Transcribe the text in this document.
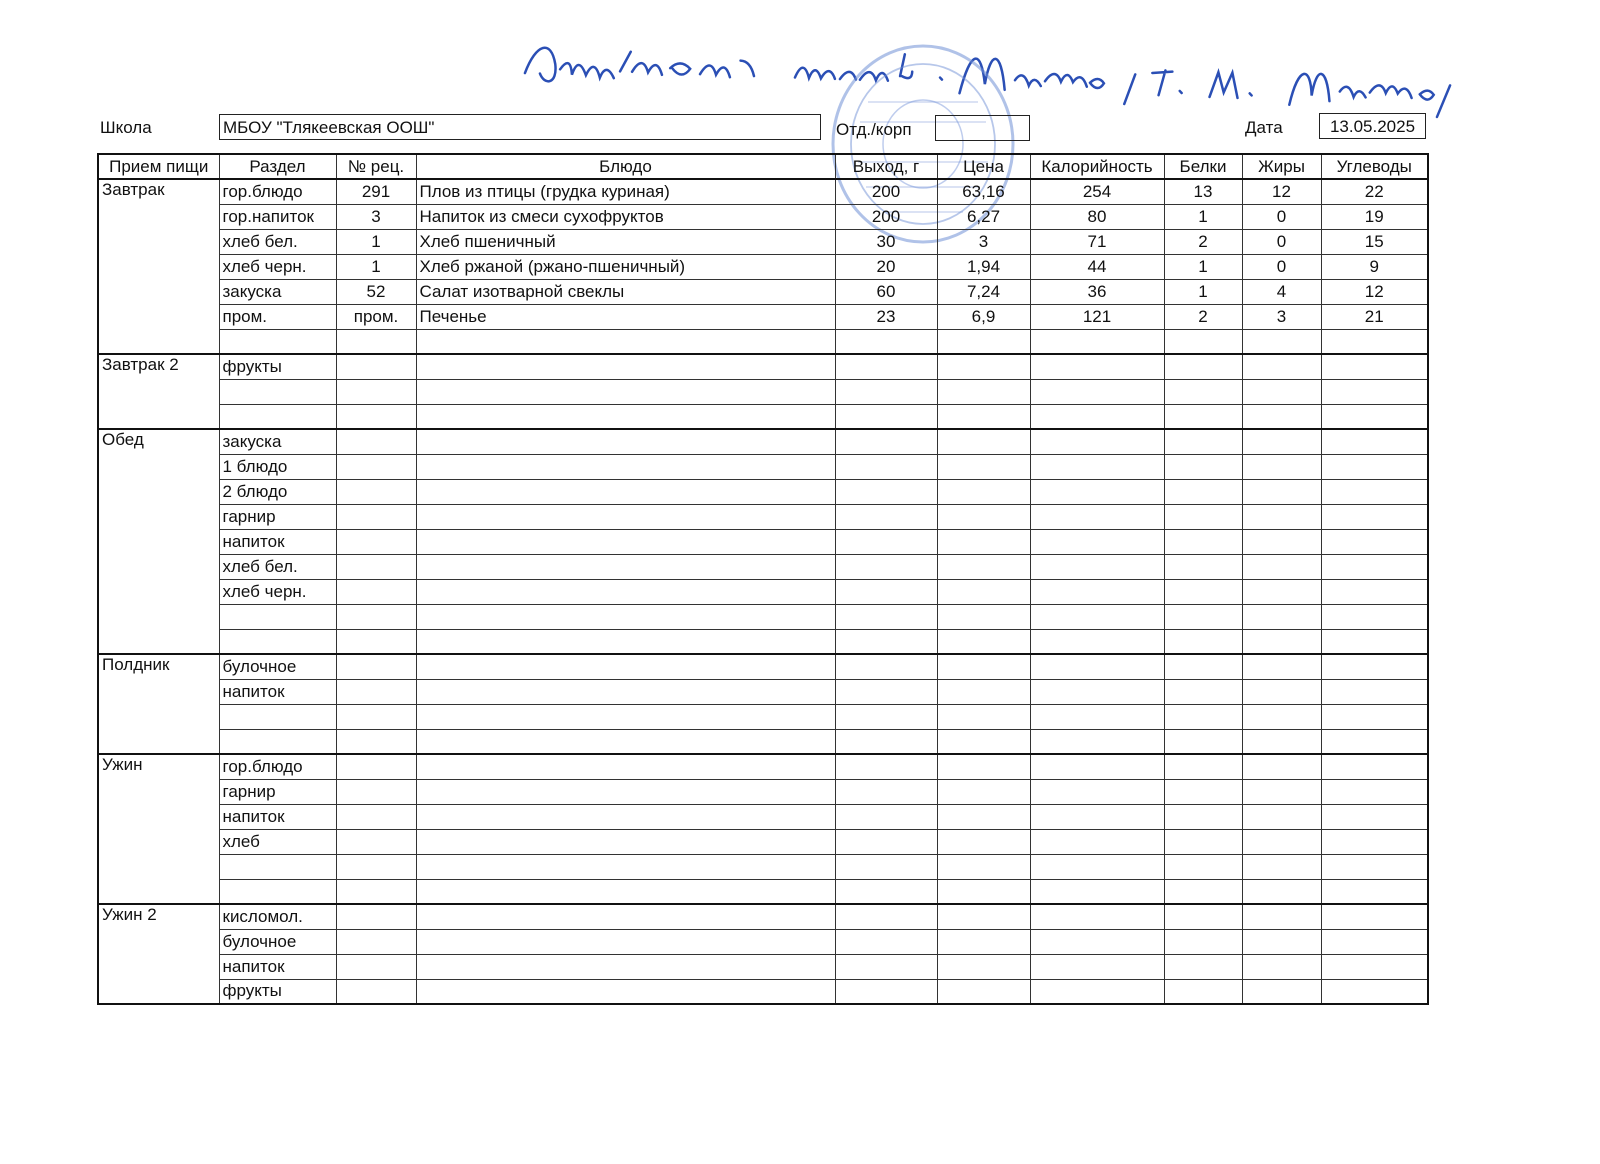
Школа	МБОУ "Тлякеевская ООШ"	Отд./корп	Дата	13.05.2025
Прием пищи	Раздел	№ рец.	Блюдо	Выход, г	Цена	Калорийность	Белки	Жиры	Углеводы
Завтрак	гор.блюдо	291	Плов из птицы (грудка куриная)	200	63,16	254	13	12	22
	гор.напиток	3	Напиток из смеси сухофруктов	200	6,27	80	1	0	19
	хлеб бел.	1	Хлеб пшеничный	30	3	71	2	0	15
	хлеб черн.	1	Хлеб ржаной (ржано-пшеничный)	20	1,94	44	1	0	9
	закуска	52	Салат изотварной свеклы	60	7,24	36	1	4	12
	пром.	пром.	Печенье	23	6,9	121	2	3	21

Завтрак 2	фрукты								

Обед	закуска								
	1 блюдо								
	2 блюдо								
	гарнир								
	напиток								
	хлеб бел.								
	хлеб черн.								

Полдник	булочное								
	напиток								

Ужин	гор.блюдо								
	гарнир								
	напиток								
	хлеб								

Ужин 2	кисломол.								
	булочное								
	напиток								
	фрукты								
